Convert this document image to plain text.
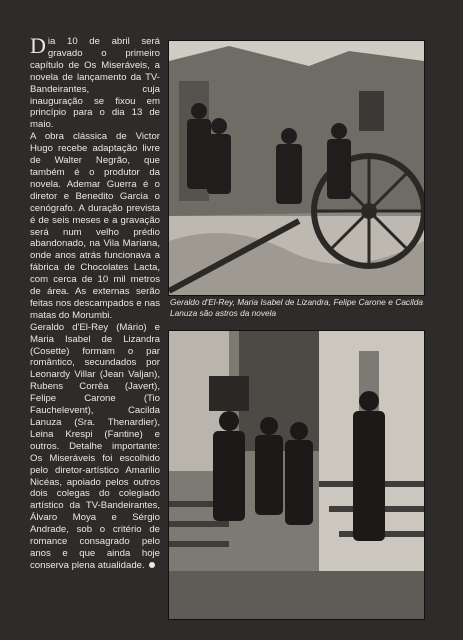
Dia 10 de abril será gravado o primeiro capítulo de Os Miseráveis, a novela de lançamento da TV-Bandeirantes, cuja inauguração se fixou em princípio para o dia 13 de maio.

A obra clássica de Victor Hugo recebe adaptação livre de Walter Negrão, que também é o produtor da novela. Ademar Guerra é o diretor e Benedito Garcia o cenógrafo. A duração prevista é de seis meses e a gravação será num velho prédio abandonado, na Vila Mariana, onde anos atrás funcionava a fábrica de Chocolates Lacta, com cerca de 10 mil metros de área. As externas serão feitas nos descampados e nas matas do Morumbi.

Geraldo d'El-Rey (Mário) e Maria Isabel de Lizandra (Cosette) formam o par romântico, secundados por Leonardy Villar (Jean Valjan), Rubens Corrêa (Javert), Felipe Carone (Tio Fauchelevent), Cacilda Lanuza (Sra. Thenardier), Leina Krespi (Fantine) e outros. Detalhe importante: Os Miseráveis foi escolhido pelo diretor-artístico Amarilio Nicéas, apoiado pelos outros dois colegas do colegiado artístico da TV-Bandeirantes, Álvaro Moya e Sérgio Andrade, sob o critério de romance consagrado pelo anos e que ainda hoje conserva plena atualidade.

Geraldo d'El-Rey, Maria Isabel de Lizandra, Felipe Carone e Cacilda Lanuza são astros da novela
